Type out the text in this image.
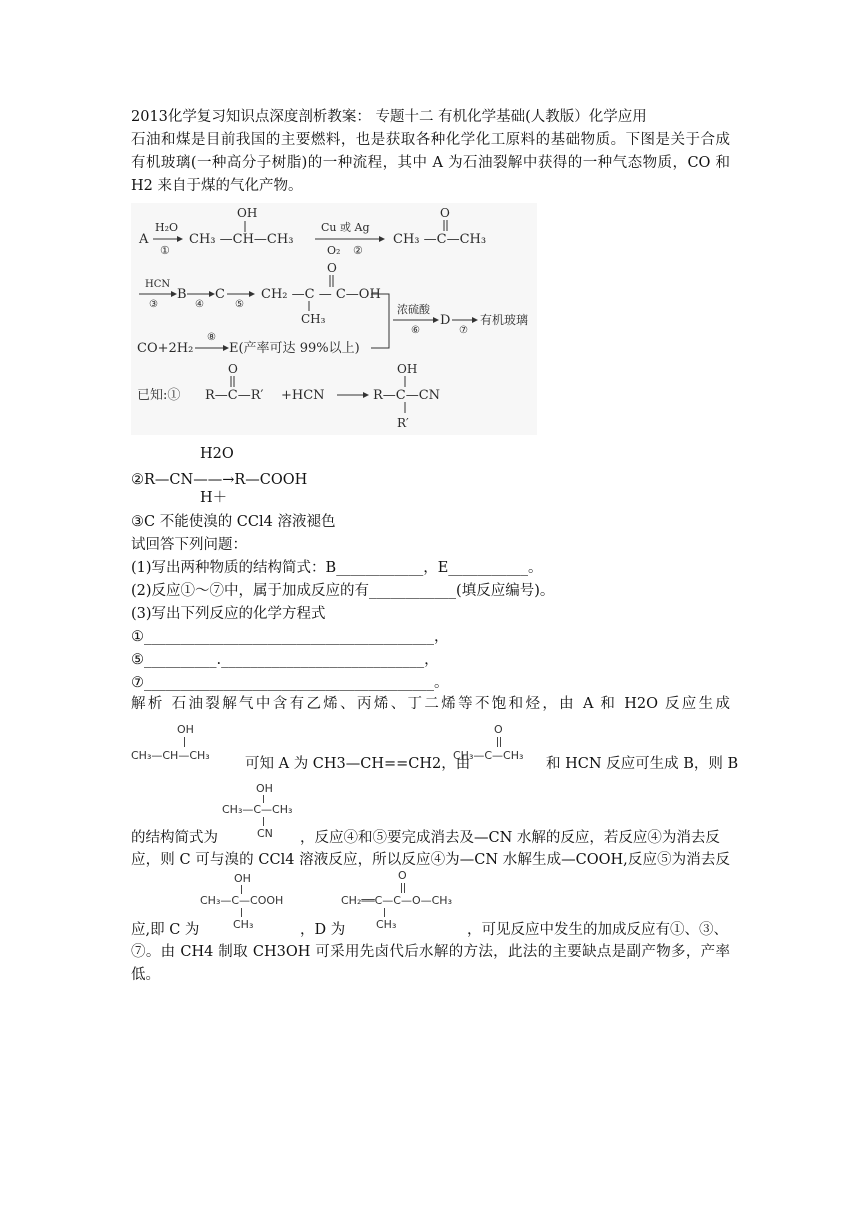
2013化学复习知识点深度剖析教案： 专题十二 有机化学基础(人教版）化学应用
石油和煤是目前我国的主要燃料，也是获取各种化学化工原料的基础物质。下图是关于合成
有机玻璃(一种高分子树脂)的一种流程，其中 A 为石油裂解中获得的一种气态物质，CO 和
H2 来自于煤的气化产物。
A
H₂O
①
OH
CH₃ —CH—CH₃
Cu 或 Ag
O₂ ②
O
CH₃ —C—CH₃
HCN
③
B
④
C
⑤
O
CH₂ —C — C—OH
CH₃
浓硫酸
⑥
D
⑦
有机玻璃
CO+2H₂
⑧
E(产率可达 99%以上)
已知:①
O
R—C—R′ +HCN
OH
R—C—CN
R′
H2O
②R—CN——→R—COOH
H＋
③C 不能使溴的 CCl4 溶液褪色
试回答下列问题：
(1)写出两种物质的结构简式：B____________，E___________。
(2)反应①～⑦中，属于加成反应的有____________(填反应编号)。
(3)写出下列反应的化学方程式
①________________________________________，
⑤__________.____________________________，
⑦________________________________________。
解析 石油裂解气中含有乙烯、丙烯、丁二烯等不饱和烃，由 A 和 H2O 反应生成
OH
CH₃—CH—CH₃
可知 A 为 CH3—CH==CH2，由
O
CH₃—C—CH₃
和 HCN 反应可生成 B，则 B
OH
CH₃—C—CH₃
CN
的结构简式为	，反应④和⑤要完成消去及—CN 水解的反应，若反应④为消去反
应，则 C 可与溴的 CCl4 溶液反应，所以反应④为—CN 水解生成—COOH,反应⑤为消去反
OH
CH₃—C—COOH
CH₃
O
CH₂══C—C—O—CH₃
CH₃
应,即 C 为	，D 为	，可见反应中发生的加成反应有①、③、
⑦。由 CH4 制取 CH3OH 可采用先卤代后水解的方法，此法的主要缺点是副产物多，产率
低。
